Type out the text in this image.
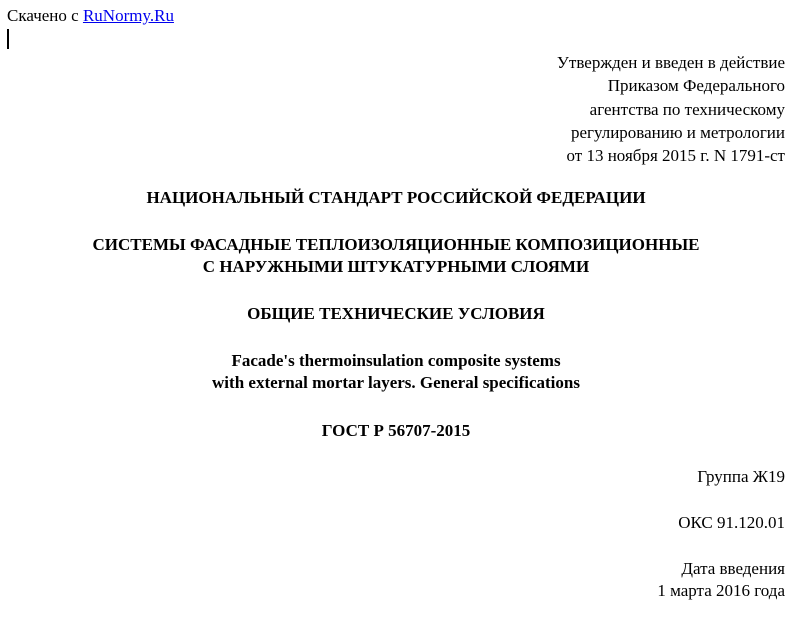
Скачено с RuNormy.Ru
Утвержден и введен в действие
Приказом Федерального
агентства по техническому
регулированию и метрологии
от 13 ноября 2015 г. N 1791-ст
НАЦИОНАЛЬНЫЙ СТАНДАРТ РОССИЙСКОЙ ФЕДЕРАЦИИ
СИСТЕМЫ ФАСАДНЫЕ ТЕПЛОИЗОЛЯЦИОННЫЕ КОМПОЗИЦИОННЫЕ
С НАРУЖНЫМИ ШТУКАТУРНЫМИ СЛОЯМИ
ОБЩИЕ ТЕХНИЧЕСКИЕ УСЛОВИЯ
Facade's thermoinsulation composite systems
with external mortar layers. General specifications
ГОСТ Р 56707-2015
Группа Ж19
ОКС 91.120.01
Дата введения
1 марта 2016 года
